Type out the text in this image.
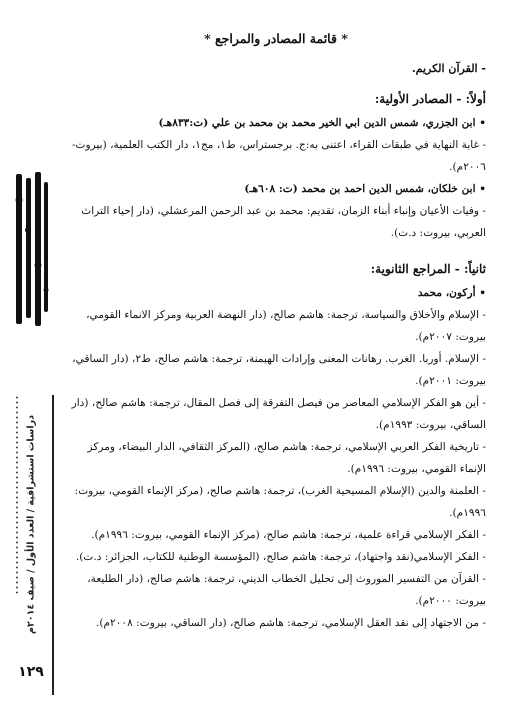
دراسات استشراقية / العدد الأول / صيف ٢٠١٤م
١٢٩
* قائمة المصادر والمراجع *
- القرآن الكريم.
أولاً: - المصادر الأولية:
• ابن الجزري، شمس الدين ابي الخير محمد بن محمد بن علي (ت:٨٣٣هـ)
- غاية النهاية في طبقات القراء، اعتنى به:ج. برجستراس، ط١، مج١، دار الكتب العلمية، (بيروت- ٢٠٠٦م).
• ابن خلكان، شمس الدين احمد بن محمد (ت: ٦٠٨هـ)
- وفيات الأعيان وإنباء أبناء الزمان، تقديم: محمد بن عبد الرحمن المرعشلي، (دار إحياء التراث العربي، بيروت: د.ت).
ثانياً: - المراجع الثانوية:
• أركون، محمد
- الإسلام والأخلاق والسياسة، ترجمة: هاشم صالح، (دار النهضة العربية ومركز الانماء القومي، بيروت: ٢٠٠٧م).
- الإسلام. أوربا. الغرب. رهانات المعنى وإرادات الهيمنة، ترجمة: هاشم صالح، ط٢، (دار الساقي، بيروت: ٢٠٠١م).
- أين هو الفكر الإسلامي المعاصر من فيصل التفرقة إلى فصل المقال، ترجمة: هاشم صالح، (دار الساقي، بيروت: ١٩٩٣م).
- تاريخية الفكر العربي الإسلامي، ترجمة: هاشم صالح، (المركز الثقافي، الدار البيضاء، ومركز الإنماء القومي، بيروت: ١٩٩٦م).
- العلمنة والدين (الإسلام المسيحية الغرب)، ترجمة: هاشم صالح، (مركز الإنماء القومي، بيروت: ١٩٩٦م).
- الفكر الإسلامي قراءة علمية، ترجمة: هاشم صالح، (مركز الإنماء القومي، بيروت: ١٩٩٦م).
- الفكر الإسلامي(نقد واجتهاد)، ترجمة: هاشم صالح، (المؤسسة الوطنية للكتاب، الجزائر: د.ت).
- القرآن من التفسير الموروث إلى تحليل الخطاب الديني، ترجمة: هاشم صالح، (دار الطليعة، بيروت: ٢٠٠٠م).
- من الاجتهاد إلى نقد العقل الإسلامي، ترجمة: هاشم صالح، (دار الساقي، بيروت: ٢٠٠٨م).
